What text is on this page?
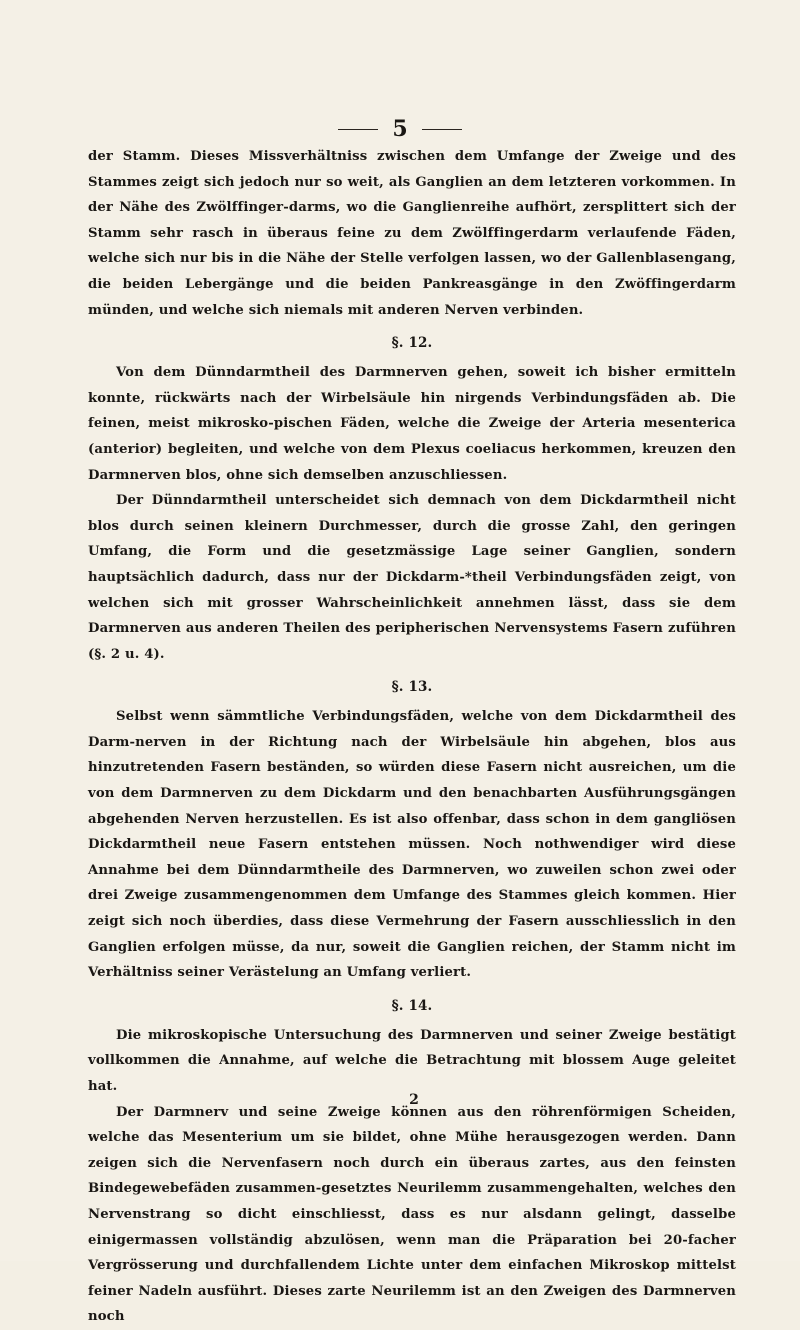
5

der Stamm. Dieses Missverhältniss zwischen dem Umfange der Zweige und des Stammes zeigt sich jedoch nur so weit, als Ganglien an dem letzteren vorkommen. In der Nähe des Zwölffinger-darms, wo die Ganglienreihe aufhört, zersplittert sich der Stamm sehr rasch in überaus feine zu dem Zwölffingerdarm verlaufende Fäden, welche sich nur bis in die Nähe der Stelle verfolgen lassen, wo der Gallenblasengang, die beiden Lebergänge und die beiden Pankreasgänge in den Zwöffingerdarm münden, und welche sich niemals mit anderen Nerven verbinden.

§. 12.

Von dem Dünndarmtheil des Darmnerven gehen, soweit ich bisher ermitteln konnte, rückwärts nach der Wirbelsäule hin nirgends Verbindungsfäden ab. Die feinen, meist mikrosko-pischen Fäden, welche die Zweige der Arteria mesenterica (anterior) begleiten, und welche von dem Plexus coeliacus herkommen, kreuzen den Darmnerven blos, ohne sich demselben anzuschliessen.

Der Dünndarmtheil unterscheidet sich demnach von dem Dickdarmtheil nicht blos durch seinen kleinern Durchmesser, durch die grosse Zahl, den geringen Umfang, die Form und die gesetzmässige Lage seiner Ganglien, sondern hauptsächlich dadurch, dass nur der Dickdarm-*theil Verbindungsfäden zeigt, von welchen sich mit grosser Wahrscheinlichkeit annehmen lässt, dass sie dem Darmnerven aus anderen Theilen des peripherischen Nervensystems Fasern zuführen (§. 2 u. 4).

§. 13.

Selbst wenn sämmtliche Verbindungsfäden, welche von dem Dickdarmtheil des Darm-nerven in der Richtung nach der Wirbelsäule hin abgehen, blos aus hinzutretenden Fasern beständen, so würden diese Fasern nicht ausreichen, um die von dem Darmnerven zu dem Dickdarm und den benachbarten Ausführungsgängen abgehenden Nerven herzustellen. Es ist also offenbar, dass schon in dem gangliösen Dickdarmtheil neue Fasern entstehen müssen. Noch nothwendiger wird diese Annahme bei dem Dünndarmtheile des Darmnerven, wo zuweilen schon zwei oder drei Zweige zusammengenommen dem Umfange des Stammes gleich kommen. Hier zeigt sich noch überdies, dass diese Vermehrung der Fasern ausschliesslich in den Ganglien erfolgen müsse, da nur, soweit die Ganglien reichen, der Stamm nicht im Verhältniss seiner Verästelung an Umfang verliert.

§. 14.

Die mikroskopische Untersuchung des Darmnerven und seiner Zweige bestätigt vollkommen die Annahme, auf welche die Betrachtung mit blossem Auge geleitet hat.

Der Darmnerv und seine Zweige können aus den röhrenförmigen Scheiden, welche das Mesenterium um sie bildet, ohne Mühe herausgezogen werden. Dann zeigen sich die Nervenfasern noch durch ein überaus zartes, aus den feinsten Bindegewebefäden zusammen-gesetztes Neurilemm zusammengehalten, welches den Nervenstrang so dicht einschliesst, dass es nur alsdann gelingt, dasselbe einigermassen vollständig abzulösen, wenn man die Präparation bei 20-facher Vergrösserung und durchfallendem Lichte unter dem einfachen Mikroskop mittelst feiner Nadeln ausführt. Dieses zarte Neurilemm ist an den Zweigen des Darmnerven noch

2
